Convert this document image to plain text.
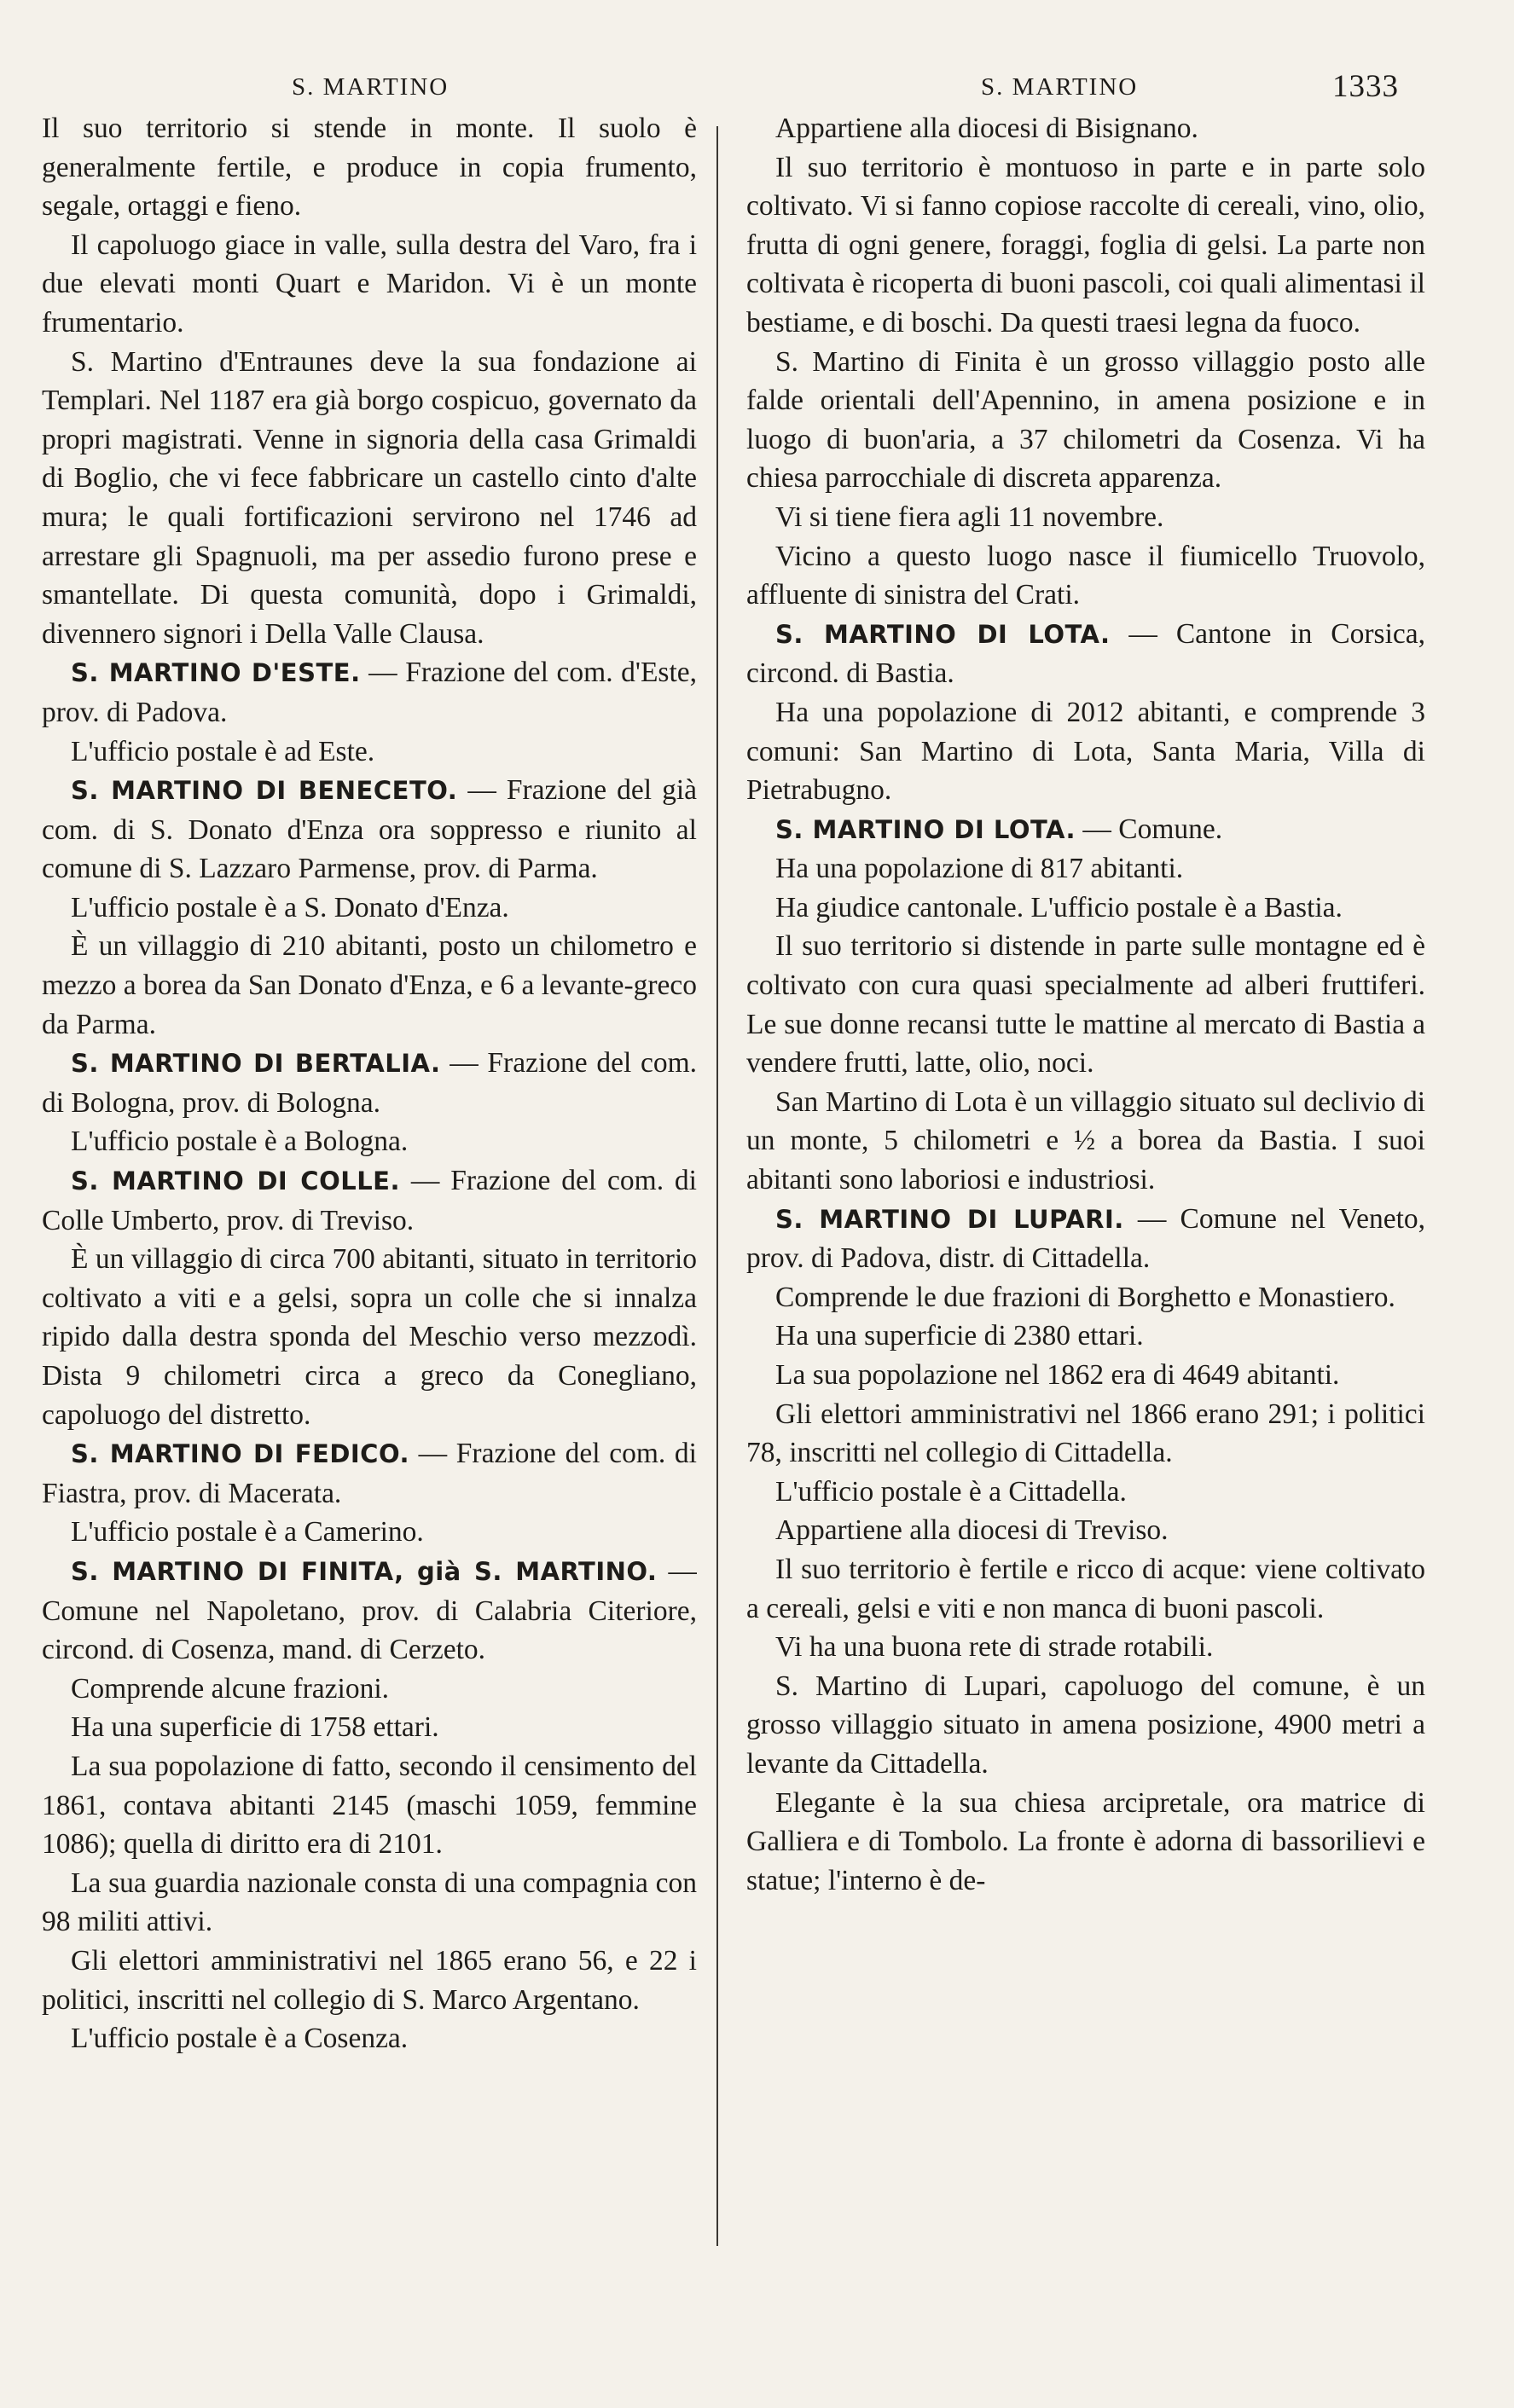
S. MARTINO	S. MARTINO	1333

Il suo territorio si stende in monte. Il suolo è generalmente fertile, e produce in copia frumento, segale, ortaggi e fieno.

Il capoluogo giace in valle, sulla destra del Varo, fra i due elevati monti Quart e Maridon. Vi è un monte frumentario.

S. Martino d'Entraunes deve la sua fondazione ai Templari. Nel 1187 era già borgo cospicuo, governato da propri magistrati. Venne in signoria della casa Grimaldi di Boglio, che vi fece fabbricare un castello cinto d'alte mura; le quali fortificazioni servirono nel 1746 ad arrestare gli Spagnuoli, ma per assedio furono prese e smantellate. Di questa comunità, dopo i Grimaldi, divennero signori i Della Valle Clausa.

S. MARTINO D'ESTE. — Frazione del com. d'Este, prov. di Padova.

L'ufficio postale è ad Este.

S. MARTINO DI BENECETO. — Frazione del già com. di S. Donato d'Enza ora soppresso e riunito al comune di S. Lazzaro Parmense, prov. di Parma.

L'ufficio postale è a S. Donato d'Enza.

È un villaggio di 210 abitanti, posto un chilometro e mezzo a borea da San Donato d'Enza, e 6 a levante-greco da Parma.

S. MARTINO DI BERTALIA. — Frazione del com. di Bologna, prov. di Bologna.

L'ufficio postale è a Bologna.

S. MARTINO DI COLLE. — Frazione del com. di Colle Umberto, prov. di Treviso.

È un villaggio di circa 700 abitanti, situato in territorio coltivato a viti e a gelsi, sopra un colle che si innalza ripido dalla destra sponda del Meschio verso mezzodì. Dista 9 chilometri circa a greco da Conegliano, capoluogo del distretto.

S. MARTINO DI FEDICO. — Frazione del com. di Fiastra, prov. di Macerata.

L'ufficio postale è a Camerino.

S. MARTINO DI FINITA, già S. MARTINO. — Comune nel Napoletano, prov. di Calabria Citeriore, circond. di Cosenza, mand. di Cerzeto.

Comprende alcune frazioni.

Ha una superficie di 1758 ettari.

La sua popolazione di fatto, secondo il censimento del 1861, contava abitanti 2145 (maschi 1059, femmine 1086); quella di diritto era di 2101.

La sua guardia nazionale consta di una compagnia con 98 militi attivi.

Gli elettori amministrativi nel 1865 erano 56, e 22 i politici, inscritti nel collegio di S. Marco Argentano.

L'ufficio postale è a Cosenza.

Appartiene alla diocesi di Bisignano.

Il suo territorio è montuoso in parte e in parte solo coltivato. Vi si fanno copiose raccolte di cereali, vino, olio, frutta di ogni genere, foraggi, foglia di gelsi. La parte non coltivata è ricoperta di buoni pascoli, coi quali alimentasi il bestiame, e di boschi. Da questi traesi legna da fuoco.

S. Martino di Finita è un grosso villaggio posto alle falde orientali dell'Apennino, in amena posizione e in luogo di buon'aria, a 37 chilometri da Cosenza. Vi ha chiesa parrocchiale di discreta apparenza.

Vi si tiene fiera agli 11 novembre.

Vicino a questo luogo nasce il fiumicello Truovolo, affluente di sinistra del Crati.

S. MARTINO DI LOTA. — Cantone in Corsica, circond. di Bastia.

Ha una popolazione di 2012 abitanti, e comprende 3 comuni: San Martino di Lota, Santa Maria, Villa di Pietrabugno.

S. MARTINO DI LOTA. — Comune.

Ha una popolazione di 817 abitanti.

Ha giudice cantonale. L'ufficio postale è a Bastia.

Il suo territorio si distende in parte sulle montagne ed è coltivato con cura quasi specialmente ad alberi fruttiferi. Le sue donne recansi tutte le mattine al mercato di Bastia a vendere frutti, latte, olio, noci.

San Martino di Lota è un villaggio situato sul declivio di un monte, 5 chilometri e ½ a borea da Bastia. I suoi abitanti sono laboriosi e industriosi.

S. MARTINO DI LUPARI. — Comune nel Veneto, prov. di Padova, distr. di Cittadella.

Comprende le due frazioni di Borghetto e Monastiero.

Ha una superficie di 2380 ettari.

La sua popolazione nel 1862 era di 4649 abitanti.

Gli elettori amministrativi nel 1866 erano 291; i politici 78, inscritti nel collegio di Cittadella.

L'ufficio postale è a Cittadella.

Appartiene alla diocesi di Treviso.

Il suo territorio è fertile e ricco di acque: viene coltivato a cereali, gelsi e viti e non manca di buoni pascoli.

Vi ha una buona rete di strade rotabili.

S. Martino di Lupari, capoluogo del comune, è un grosso villaggio situato in amena posizione, 4900 metri a levante da Cittadella.

Elegante è la sua chiesa arcipretale, ora matrice di Galliera e di Tombolo. La fronte è adorna di bassorilievi e statue; l'interno è de-
